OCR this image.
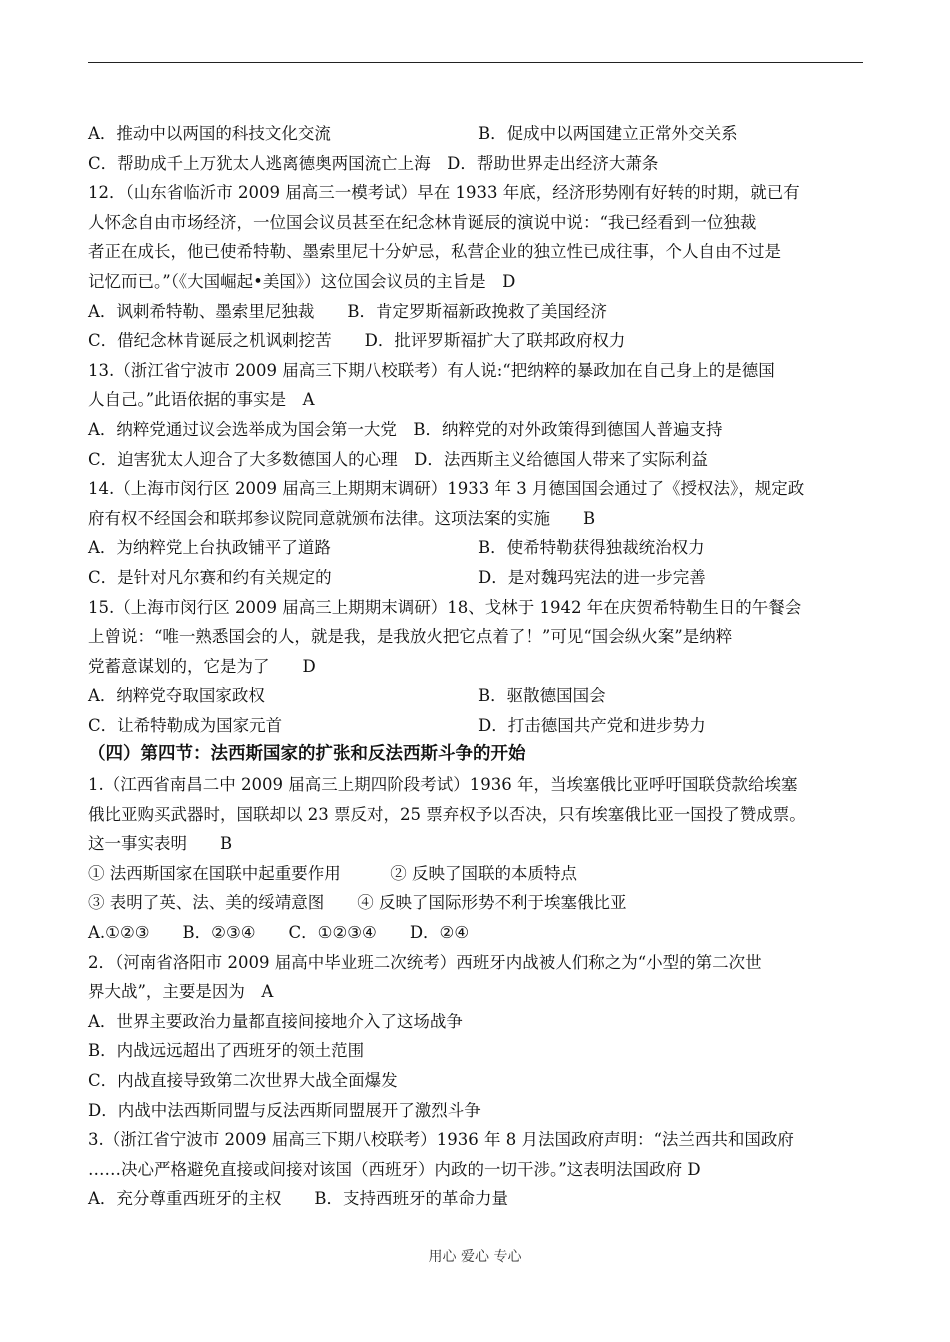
A．推动中以两国的科技文化交流	B．促成中以两国建立正常外交关系
C．帮助成千上万犹太人逃离德奥两国流亡上海　D．帮助世界走出经济大萧条
12．（山东省临沂市 2009 届高三一模考试）早在 1933 年底，经济形势刚有好转的时期，就已有
人怀念自由市场经济，一位国会议员甚至在纪念林肯诞辰的演说中说：“我已经看到一位独裁
者正在成长，他已使希特勒、墨索里尼十分妒忌，私营企业的独立性已成往事，个人自由不过是
记忆而已。”（《大国崛起•美国》）这位国会议员的主旨是　D
A．讽刺希特勒、墨索里尼独裁　　B．肯定罗斯福新政挽救了美国经济
C．借纪念林肯诞辰之机讽刺挖苦　　D．批评罗斯福扩大了联邦政府权力
13.（浙江省宁波市 2009 届高三下期八校联考）有人说:“把纳粹的暴政加在自己身上的是德国
人自己。”此语依据的事实是　A
A．纳粹党通过议会选举成为国会第一大党　B．纳粹党的对外政策得到德国人普遍支持
C．迫害犹太人迎合了大多数德国人的心理　D．法西斯主义给德国人带来了实际利益
14.（上海市闵行区 2009 届高三上期期末调研）1933 年 3 月德国国会通过了《授权法》，规定政
府有权不经国会和联邦参议院同意就颁布法律。这项法案的实施　　B
A．为纳粹党上台执政铺平了道路	B．使希特勒获得独裁统治权力
C．是针对凡尔赛和约有关规定的	D．是对魏玛宪法的进一步完善
15.（上海市闵行区 2009 届高三上期期末调研）18、戈林于 1942 年在庆贺希特勒生日的午餐会
上曾说：“唯一熟悉国会的人，就是我，是我放火把它点着了！”可见“国会纵火案”是纳粹
党蓄意谋划的，它是为了　　D
A．纳粹党夺取国家政权	B．驱散德国国会
C．让希特勒成为国家元首	D．打击德国共产党和进步势力
（四）第四节：法西斯国家的扩张和反法西斯斗争的开始
1.（江西省南昌二中 2009 届高三上期四阶段考试）1936 年，当埃塞俄比亚呼吁国联贷款给埃塞
俄比亚购买武器时，国联却以 23 票反对，25 票弃权予以否决，只有埃塞俄比亚一国投了赞成票。
这一事实表明　　B
① 法西斯国家在国联中起重要作用　　　② 反映了国联的本质特点
③ 表明了英、法、美的绥靖意图　　④ 反映了国际形势不利于埃塞俄比亚
A.①②③　　B．②③④　　C．①②③④　　D．②④
2．（河南省洛阳市 2009 届高中毕业班二次统考）西班牙内战被人们称之为“小型的第二次世
界大战”，主要是因为　A
A．世界主要政治力量都直接间接地介入了这场战争
B．内战远远超出了西班牙的领土范围
C．内战直接导致第二次世界大战全面爆发
D．内战中法西斯同盟与反法西斯同盟展开了激烈斗争
3.（浙江省宁波市 2009 届高三下期八校联考）1936 年 8 月法国政府声明：“法兰西共和国政府
……决心严格避免直接或间接对该国（西班牙）内政的一切干涉。”这表明法国政府 D
A．充分尊重西班牙的主权　　B．支持西班牙的革命力量
用心 爱心 专心
